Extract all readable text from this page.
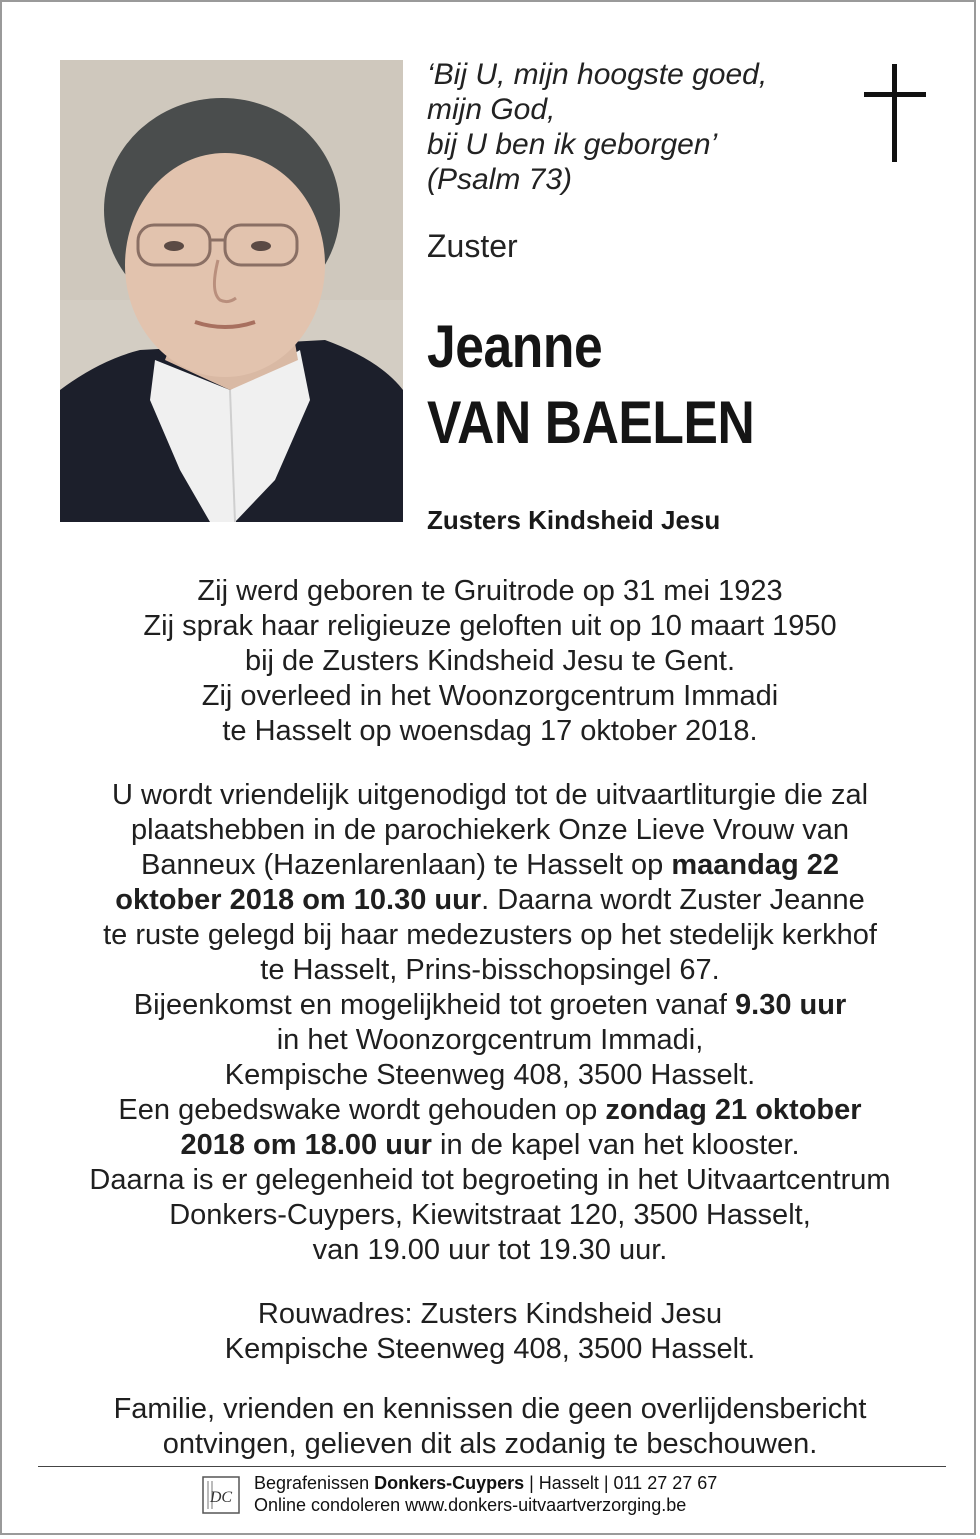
‘Bij U, mijn hoogste goed,
mijn God,
bij U ben ik geborgen’
(Psalm 73)
Zuster
Jeanne
VAN BAELEN
Zusters Kindsheid Jesu
Zij werd geboren te Gruitrode op 31 mei 1923
Zij sprak haar religieuze geloften uit op 10 maart 1950
bij de Zusters Kindsheid Jesu te Gent.
Zij overleed in het Woonzorgcentrum Immadi
te Hasselt op woensdag 17 oktober 2018.
U wordt vriendelijk uitgenodigd tot de uitvaartliturgie die zal
plaatshebben in de parochiekerk Onze Lieve Vrouw van
Banneux (Hazenlarenlaan) te Hasselt op maandag 22
oktober 2018 om 10.30 uur. Daarna wordt Zuster Jeanne
te ruste gelegd bij haar medezusters op het stedelijk kerkhof
te Hasselt, Prins-bisschopsingel 67.
Bijeenkomst en mogelijkheid tot groeten vanaf 9.30 uur
in het Woonzorgcentrum Immadi,
Kempische Steenweg 408, 3500 Hasselt.
Een gebedswake wordt gehouden op zondag 21 oktober
2018 om 18.00 uur in de kapel van het klooster.
Daarna is er gelegenheid tot begroeting in het Uitvaartcentrum
Donkers-Cuypers, Kiewitstraat 120, 3500 Hasselt,
van 19.00 uur tot 19.30 uur.
Rouwadres: Zusters Kindsheid Jesu
Kempische Steenweg 408, 3500 Hasselt.
Familie, vrienden en kennissen die geen overlijdensbericht
ontvingen, gelieven dit als zodanig te beschouwen.
DC
Begrafenissen Donkers-Cuypers | Hasselt | 011 27 27 67
Online condoleren www.donkers-uitvaartverzorging.be
